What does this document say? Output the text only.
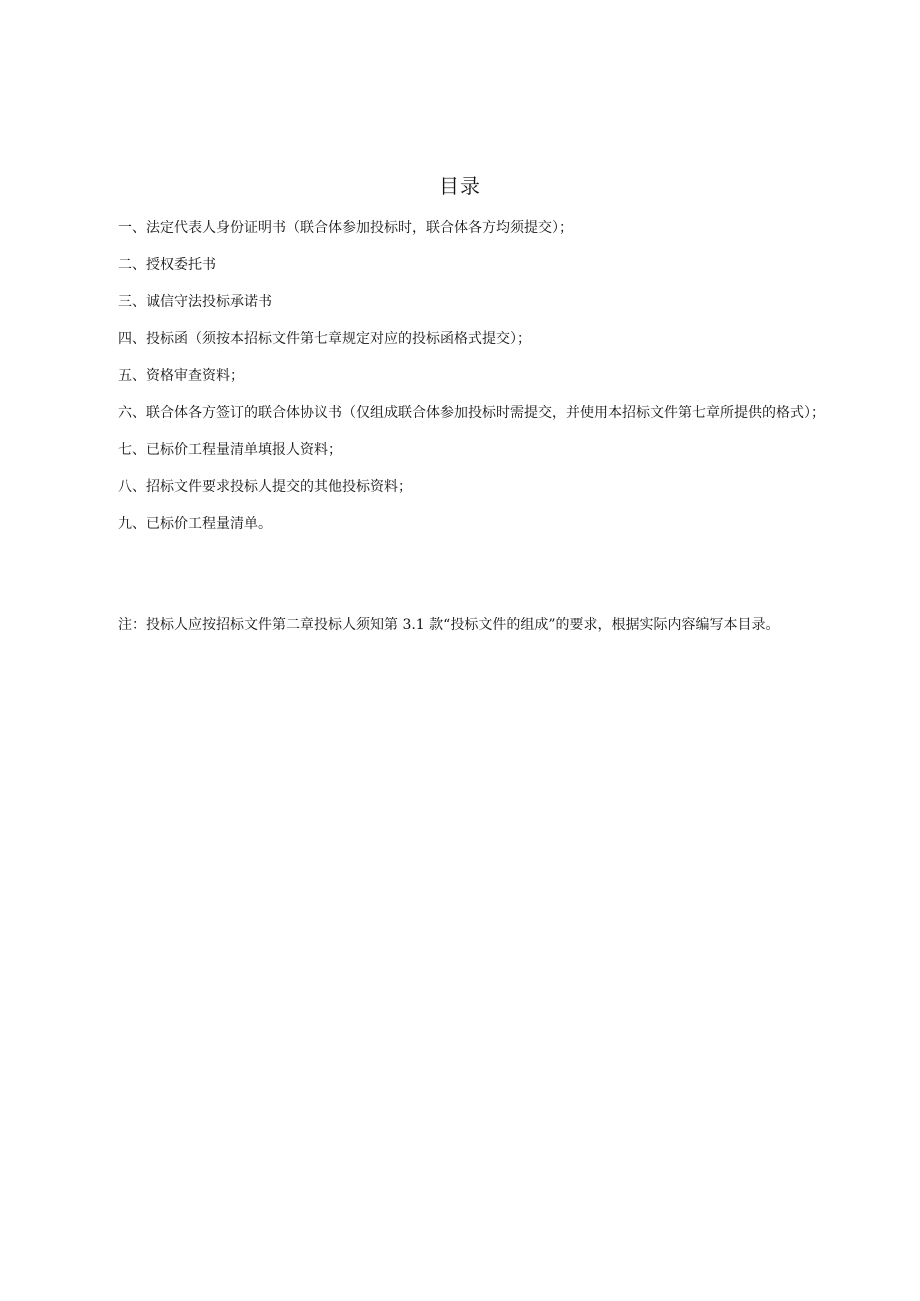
目录

一、法定代表人身份证明书（联合体参加投标时，联合体各方均须提交）；

二、授权委托书

三、诚信守法投标承诺书

四、投标函（须按本招标文件第七章规定对应的投标函格式提交）；

五、资格审查资料；

六、联合体各方签订的联合体协议书（仅组成联合体参加投标时需提交，并使用本招标文件第七章所提供的格式）；

七、已标价工程量清单填报人资料；

八、招标文件要求投标人提交的其他投标资料；

九、已标价工程量清单。

注：投标人应按招标文件第二章投标人须知第 3.1 款“投标文件的组成”的要求，根据实际内容编写本目录。
